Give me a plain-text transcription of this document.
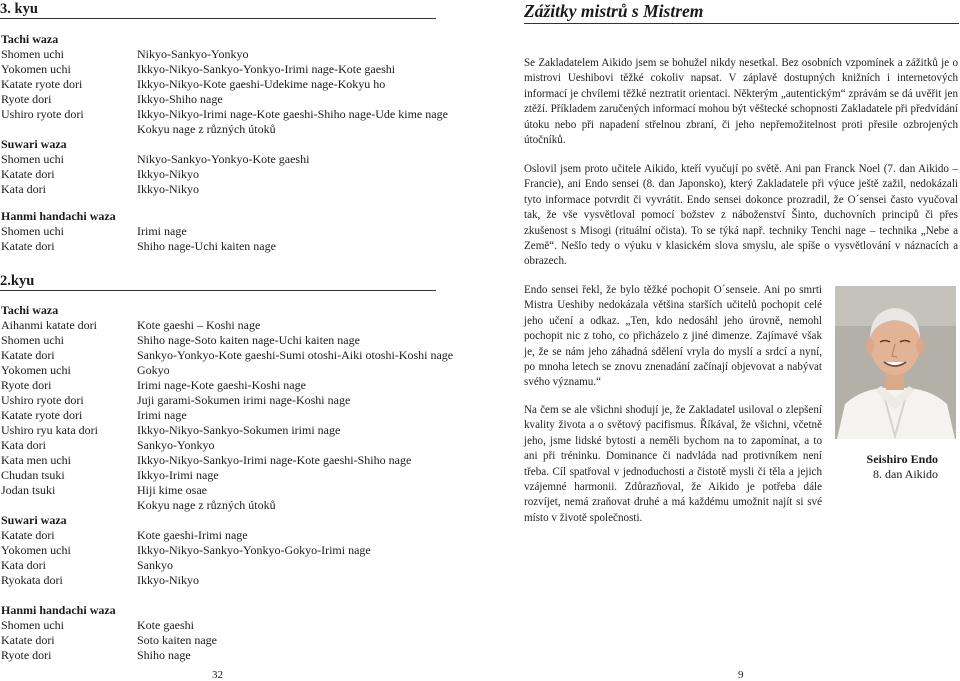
3. kyu
Tachi waza
Shomen uchi	Nikyo-Sankyo-Yonkyo
Yokomen uchi	Ikkyo-Nikyo-Sankyo-Yonkyo-Irimi nage-Kote gaeshi
Katate ryote dori	Ikkyo-Nikyo-Kote gaeshi-Udekime nage-Kokyu ho
Ryote dori	Ikkyo-Shiho nage
Ushiro ryote dori	Ikkyo-Nikyo-Irimi nage-Kote gaeshi-Shiho nage-Ude kime nage
Kokyu nage z různých útoků
Suwari waza
Shomen uchi	Nikyo-Sankyo-Yonkyo-Kote gaeshi
Katate dori	Ikkyo-Nikyo
Kata dori	Ikkyo-Nikyo
Hanmi handachi waza
Shomen uchi	Irimi nage
Katate dori	Shiho nage-Uchi kaiten nage
2.kyu
Tachi waza
Aihanmi katate dori	Kote gaeshi – Koshi nage
Shomen uchi	Shiho nage-Soto kaiten nage-Uchi kaiten nage
Katate dori	Sankyo-Yonkyo-Kote gaeshi-Sumi otoshi-Aiki otoshi-Koshi nage
Yokomen uchi	Gokyo
Ryote dori	Irimi nage-Kote gaeshi-Koshi nage
Ushiro ryote dori	Juji garami-Sokumen irimi nage-Koshi nage
Katate ryote dori	Irimi nage
Ushiro ryu kata dori	Ikkyo-Nikyo-Sankyo-Sokumen irimi nage
Kata dori	Sankyo-Yonkyo
Kata men uchi	Ikkyo-Nikyo-Sankyo-Irimi nage-Kote gaeshi-Shiho nage
Chudan tsuki	Ikkyo-Irimi nage
Jodan tsuki	Hiji kime osae
Kokyu nage z různých útoků
Suwari waza
Katate dori	Kote gaeshi-Irimi nage
Yokomen uchi	Ikkyo-Nikyo-Sankyo-Yonkyo-Gokyo-Irimi nage
Kata dori	Sankyo
Ryokata dori	Ikkyo-Nikyo
Hanmi handachi waza
Shomen uchi	Kote gaeshi
Katate dori	Soto kaiten nage
Ryote dori	Shiho nage
32
Zážitky mistrů s Mistrem

Se Zakladatelem Aikido jsem se bohužel nikdy nesetkal. Bez osobních vzpomínek a zážitků je o mistrovi Ueshibovi těžké cokoliv napsat. V záplavě dostupných knižních i internetových informací je chvílemi těžké neztratit orientaci. Některým „autentickým“ zprávám se dá uvěřit jen ztěží. Příkladem zaručených informací mohou být věštecké schopnosti Zakladatele při předvídání útoku nebo při napadení střelnou zbraní, či jeho nepřemožitelnost proti přesile ozbrojených útočníků.

Oslovil jsem proto učitele Aikido, kteří vyučují po světě. Ani pan Franck Noel (7. dan Aikido – Francie), ani Endo sensei (8. dan Japonsko), který Zakladatele při výuce ještě zažil, nedokázali tyto informace potvrdit či vyvrátit. Endo sensei dokonce prozradil, že O´sensei často vyučoval tak, že vše vysvětloval pomocí božstev z náboženství Šinto, duchovních principů či přes zkušenost s Misogi (rituální očista). To se týká např. techniky Tenchi nage – technika „Nebe a Země“. Nešlo tedy o výuku v klasickém slova smyslu, ale spíše o vysvětlování v náznacích a obrazech.

Endo sensei řekl, že bylo těžké pochopit O´senseie. Ani po smrti Mistra Ueshiby nedokázala většina starších učitelů pochopit celé jeho učení a odkaz. „Ten, kdo nedosáhl jeho úrovně, nemohl pochopit nic z toho, co přicházelo z jiné dimenze. Zajímavé však je, že se nám jeho záhadná sdělení vryla do myslí a srdcí a nyní, po mnoha letech se znovu znenadání začínají objevovat a nabývat svého významu.“

Na čem se ale všichni shodují je, že Zakladatel usiloval o zlepšení kvality života a o světový pacifismus. Říkával, že všichni, včetně jeho, jsme lidské bytosti a neměli bychom na to zapomínat, a to ani při tréninku. Dominance či nadvláda nad protivníkem není třeba. Cíl spatřoval v jednoduchosti a čistotě mysli či těla a jejich vzájemné harmonii. Zdůrazňoval, že Aikido je potřeba dále rozvíjet, nemá zraňovat druhé a má každému umožnit najít si své místo v životě společnosti.

Seishiro Endo
8. dan Aikido
9
